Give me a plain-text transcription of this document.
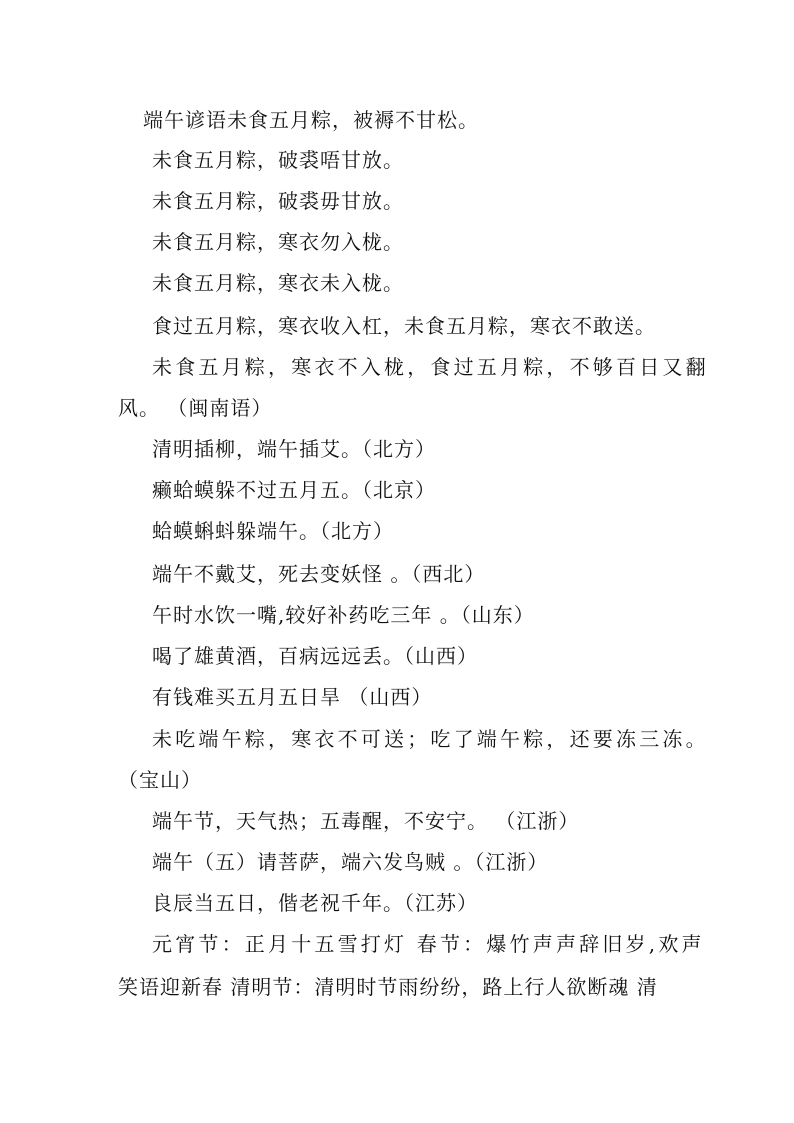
端午谚语未食五月粽，被褥不甘松。
未食五月粽，破裘唔甘放。
未食五月粽，破裘毋甘放。
未食五月粽，寒衣勿入栊。
未食五月粽，寒衣未入栊。
食过五月粽，寒衣收入杠，未食五月粽，寒衣不敢送。
未食五月粽，寒衣不入栊，食过五月粽，不够百日又翻
风。 （闽南语）
清明插柳，端午插艾。（北方）
癞蛤蟆躲不过五月五。（北京）
蛤蟆蝌蚪躲端午。（北方）
端午不戴艾，死去变妖怪 。（西北）
午时水饮一嘴,较好补药吃三年 。（山东）
喝了雄黄酒，百病远远丢。（山西）
有钱难买五月五日旱 （山西）
未吃端午粽，寒衣不可送；吃了端午粽，还要冻三冻。
（宝山）
端午节，天气热；五毒醒，不安宁。 （江浙）
端午（五）请菩萨，端六发鸟贼 。（江浙）
良辰当五日，偕老祝千年。（江苏）
元宵节：正月十五雪打灯 春节：爆竹声声辞旧岁,欢声
笑语迎新春 清明节：清明时节雨纷纷，路上行人欲断魂 清
